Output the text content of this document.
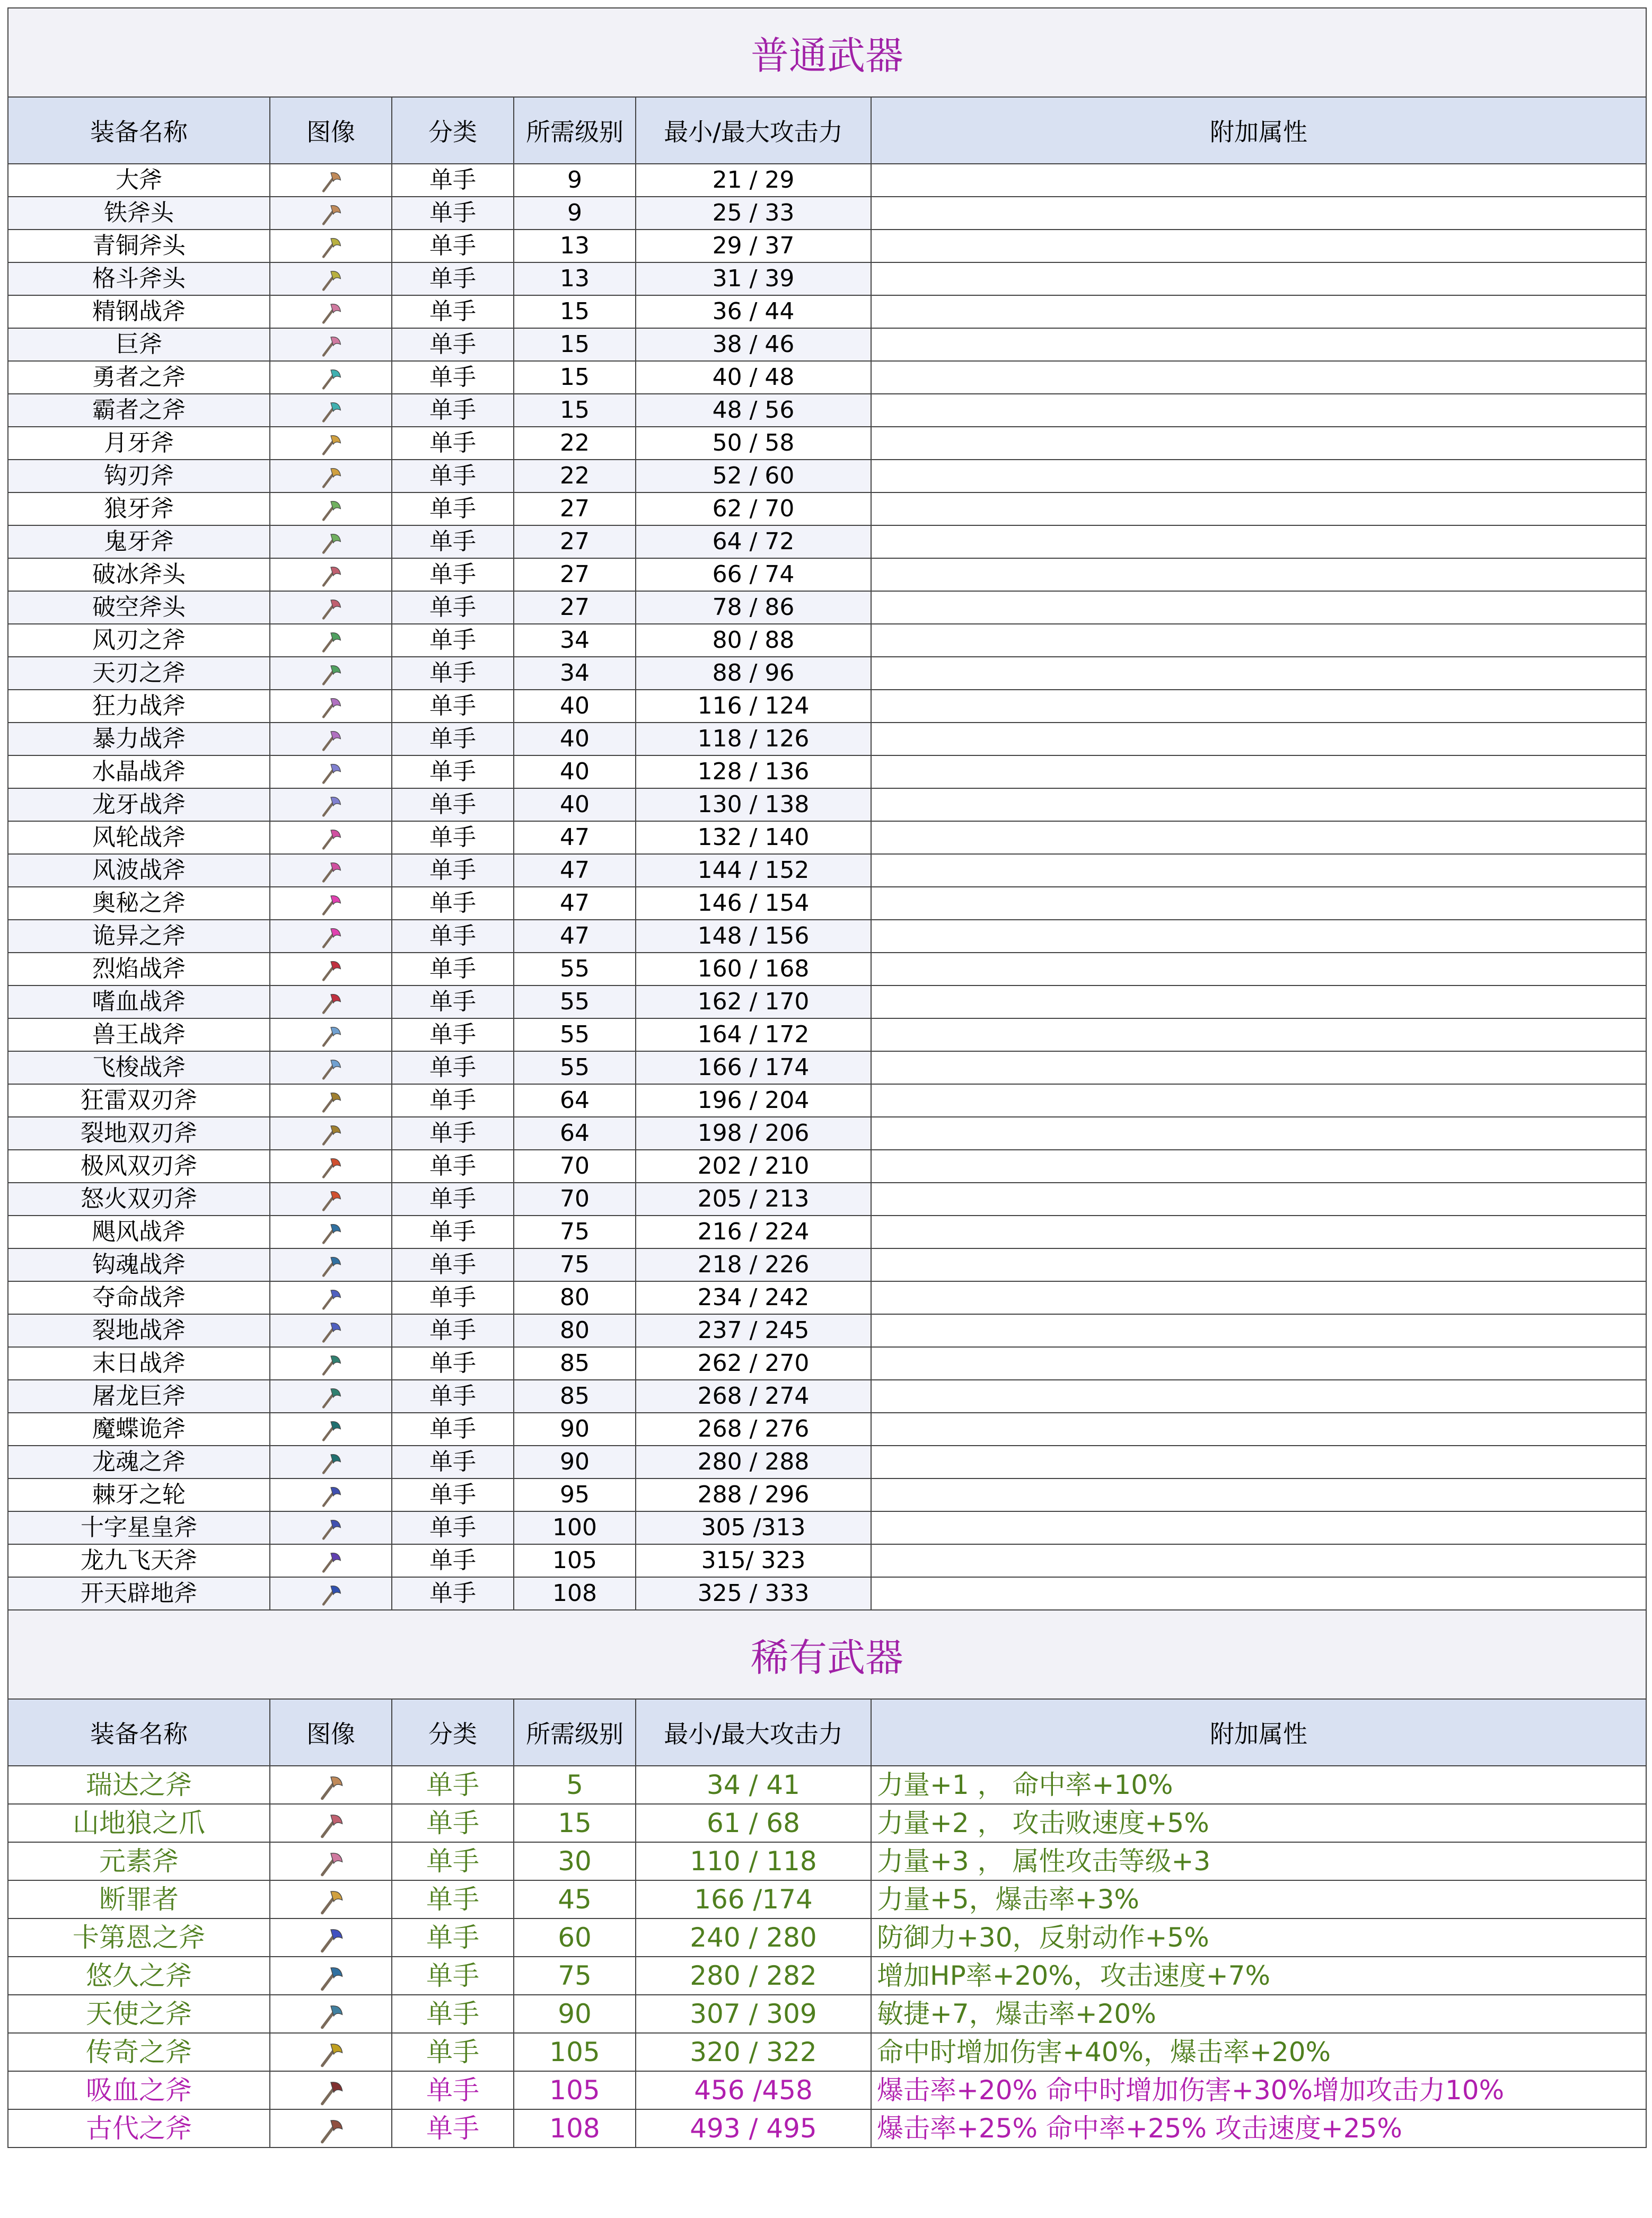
普通武器					
装备名称	图像	分类	所需级别	最小/最大攻击力	附加属性
大斧		单手	9	21 / 29	
铁斧头		单手	9	25 / 33	
青铜斧头		单手	13	29 / 37	
格斗斧头		单手	13	31 / 39	
精钢战斧		单手	15	36 / 44	
巨斧		单手	15	38 / 46	
勇者之斧		单手	15	40 / 48	
霸者之斧		单手	15	48 / 56	
月牙斧		单手	22	50 / 58	
钩刃斧		单手	22	52 / 60	
狼牙斧		单手	27	62 / 70	
鬼牙斧		单手	27	64 / 72	
破冰斧头		单手	27	66 / 74	
破空斧头		单手	27	78 / 86	
风刃之斧		单手	34	80 / 88	
天刃之斧		单手	34	88 / 96	
狂力战斧		单手	40	116 / 124	
暴力战斧		单手	40	118 / 126	
水晶战斧		单手	40	128 / 136	
龙牙战斧		单手	40	130 / 138	
风轮战斧		单手	47	132 / 140	
风波战斧		单手	47	144 / 152	
奥秘之斧		单手	47	146 / 154	
诡异之斧		单手	47	148 / 156	
烈焰战斧		单手	55	160 / 168	
嗜血战斧		单手	55	162 / 170	
兽王战斧		单手	55	164 / 172	
飞梭战斧		单手	55	166 / 174	
狂雷双刃斧		单手	64	196 / 204	
裂地双刃斧		单手	64	198 / 206	
极风双刃斧		单手	70	202 / 210	
怒火双刃斧		单手	70	205 / 213	
飓风战斧		单手	75	216 / 224	
钩魂战斧		单手	75	218 / 226	
夺命战斧		单手	80	234 / 242	
裂地战斧		单手	80	237 / 245	
末日战斧		单手	85	262 / 270	
屠龙巨斧		单手	85	268 / 274	
魔蝶诡斧		单手	90	268 / 276	
龙魂之斧		单手	90	280 / 288	
棘牙之轮		单手	95	288 / 296	
十字星皇斧		单手	100	305 /313	
龙九飞天斧		单手	105	315/ 323	
开天辟地斧		单手	108	325 / 333	
稀有武器					
装备名称	图像	分类	所需级别	最小/最大攻击力	附加属性
瑞达之斧		单手	5	34 / 41	力量+1 ， 命中率+10%
山地狼之爪		单手	15	61 / 68	力量+2 ， 攻击败速度+5%
元素斧		单手	30	110 / 118	力量+3 ， 属性攻击等级+3
断罪者		单手	45	166 /174	力量+5，爆击率+3%
卡第恩之斧		单手	60	240 / 280	防御力+30，反射动作+5%
悠久之斧		单手	75	280 / 282	增加HP率+20%，攻击速度+7%
天使之斧		单手	90	307 / 309	敏捷+7，爆击率+20%
传奇之斧		单手	105	320 / 322	命中时增加伤害+40%，爆击率+20%
吸血之斧		单手	105	456 /458	爆击率+20% 命中时增加伤害+30%增加攻击力10%
古代之斧		单手	108	493 / 495	爆击率+25% 命中率+25% 攻击速度+25%
